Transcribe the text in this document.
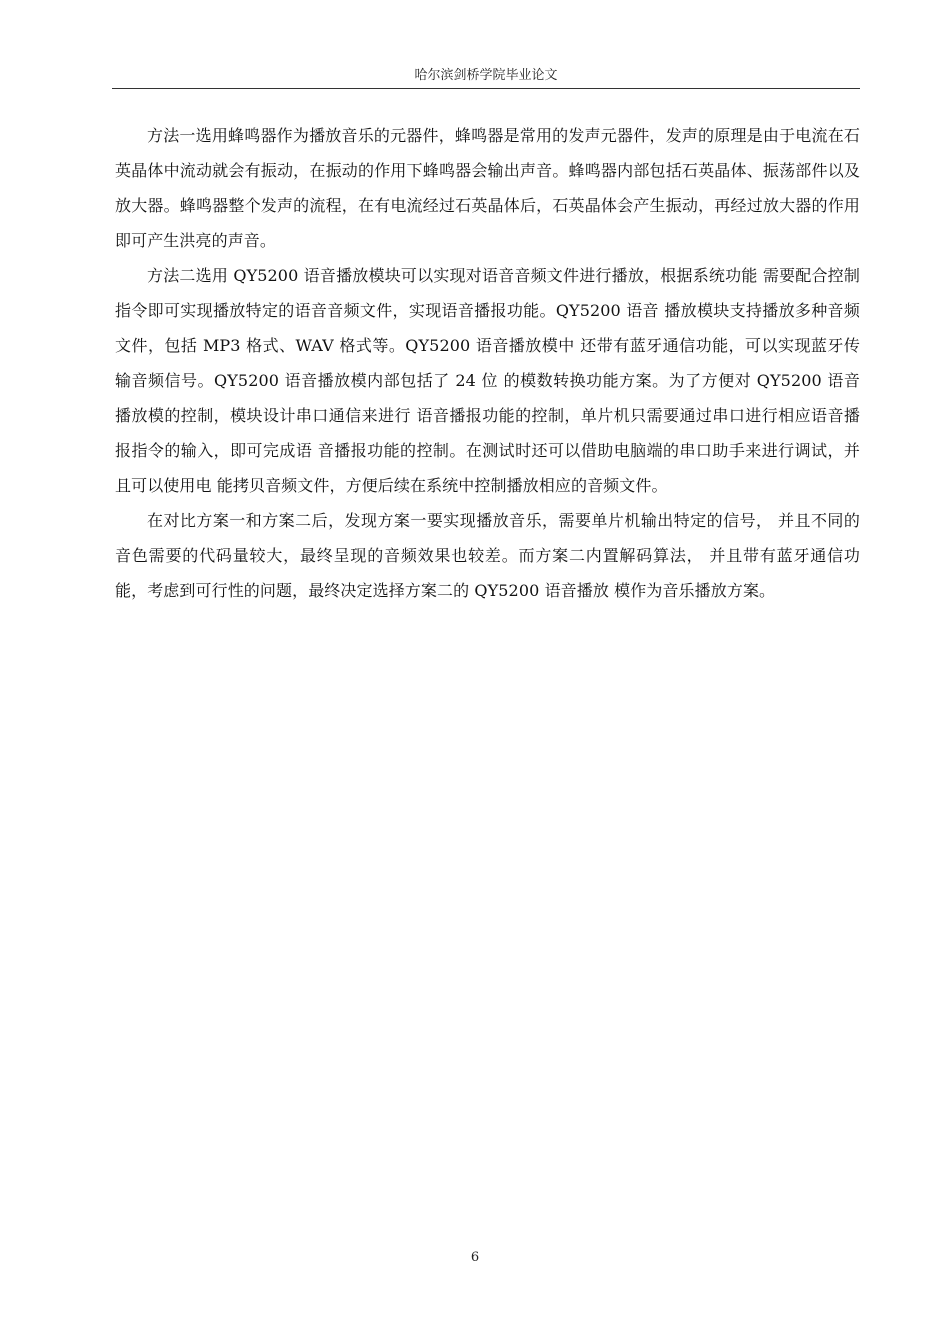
哈尔滨剑桥学院毕业论文

方法一选用蜂鸣器作为播放音乐的元器件，蜂鸣器是常用的发声元器件，发声的原理是由于电流在石英晶体中流动就会有振动，在振动的作用下蜂鸣器会输出声音。蜂鸣器内部包括石英晶体、振荡部件以及放大器。蜂鸣器整个发声的流程，在有电流经过石英晶体后，石英晶体会产生振动，再经过放大器的作用即可产生洪亮的声音。

方法二选用 QY5200 语音播放模块可以实现对语音音频文件进行播放，根据系统功能 需要配合控制指令即可实现播放特定的语音音频文件，实现语音播报功能。QY5200 语音 播放模块支持播放多种音频文件，包括 MP3 格式、WAV 格式等。QY5200 语音播放模中 还带有蓝牙通信功能，可以实现蓝牙传输音频信号。QY5200 语音播放模内部包括了 24 位 的模数转换功能方案。为了方便对 QY5200 语音播放模的控制，模块设计串口通信来进行 语音播报功能的控制，单片机只需要通过串口进行相应语音播报指令的输入，即可完成语 音播报功能的控制。在测试时还可以借助电脑端的串口助手来进行调试，并且可以使用电 能拷贝音频文件，方便后续在系统中控制播放相应的音频文件。

在对比方案一和方案二后，发现方案一要实现播放音乐，需要单片机输出特定的信号， 并且不同的音色需要的代码量较大，最终呈现的音频效果也较差。而方案二内置解码算法， 并且带有蓝牙通信功能，考虑到可行性的问题，最终决定选择方案二的 QY5200 语音播放 模作为音乐播放方案。

6
